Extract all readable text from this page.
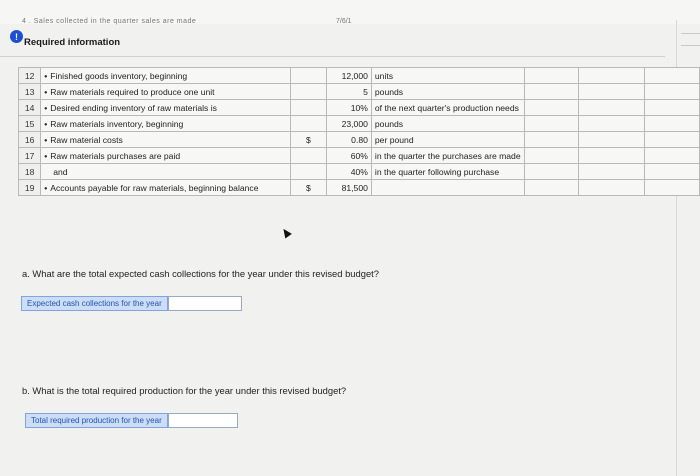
4 . Sales collected in the quarter sales are made	7/6/1
!
Required information
12	• Finished goods inventory, beginning		12,000	units			
13	• Raw materials required to produce one unit		5	pounds			
14	• Desired ending inventory of raw materials is		10%	of the next quarter's production needs			
15	• Raw materials inventory, beginning		23,000	pounds			
16	• Raw material costs	$	0.80	per pound			
17	• Raw materials purchases are paid		60%	in the quarter the purchases are made			
18	and		40%	in the quarter following purchase			
19	• Accounts payable for raw materials, beginning balance	$	81,500				
a. What are the total expected cash collections for the year under this revised budget?
Expected cash collections for the year
b. What is the total required production for the year under this revised budget?
Total required production for the year
